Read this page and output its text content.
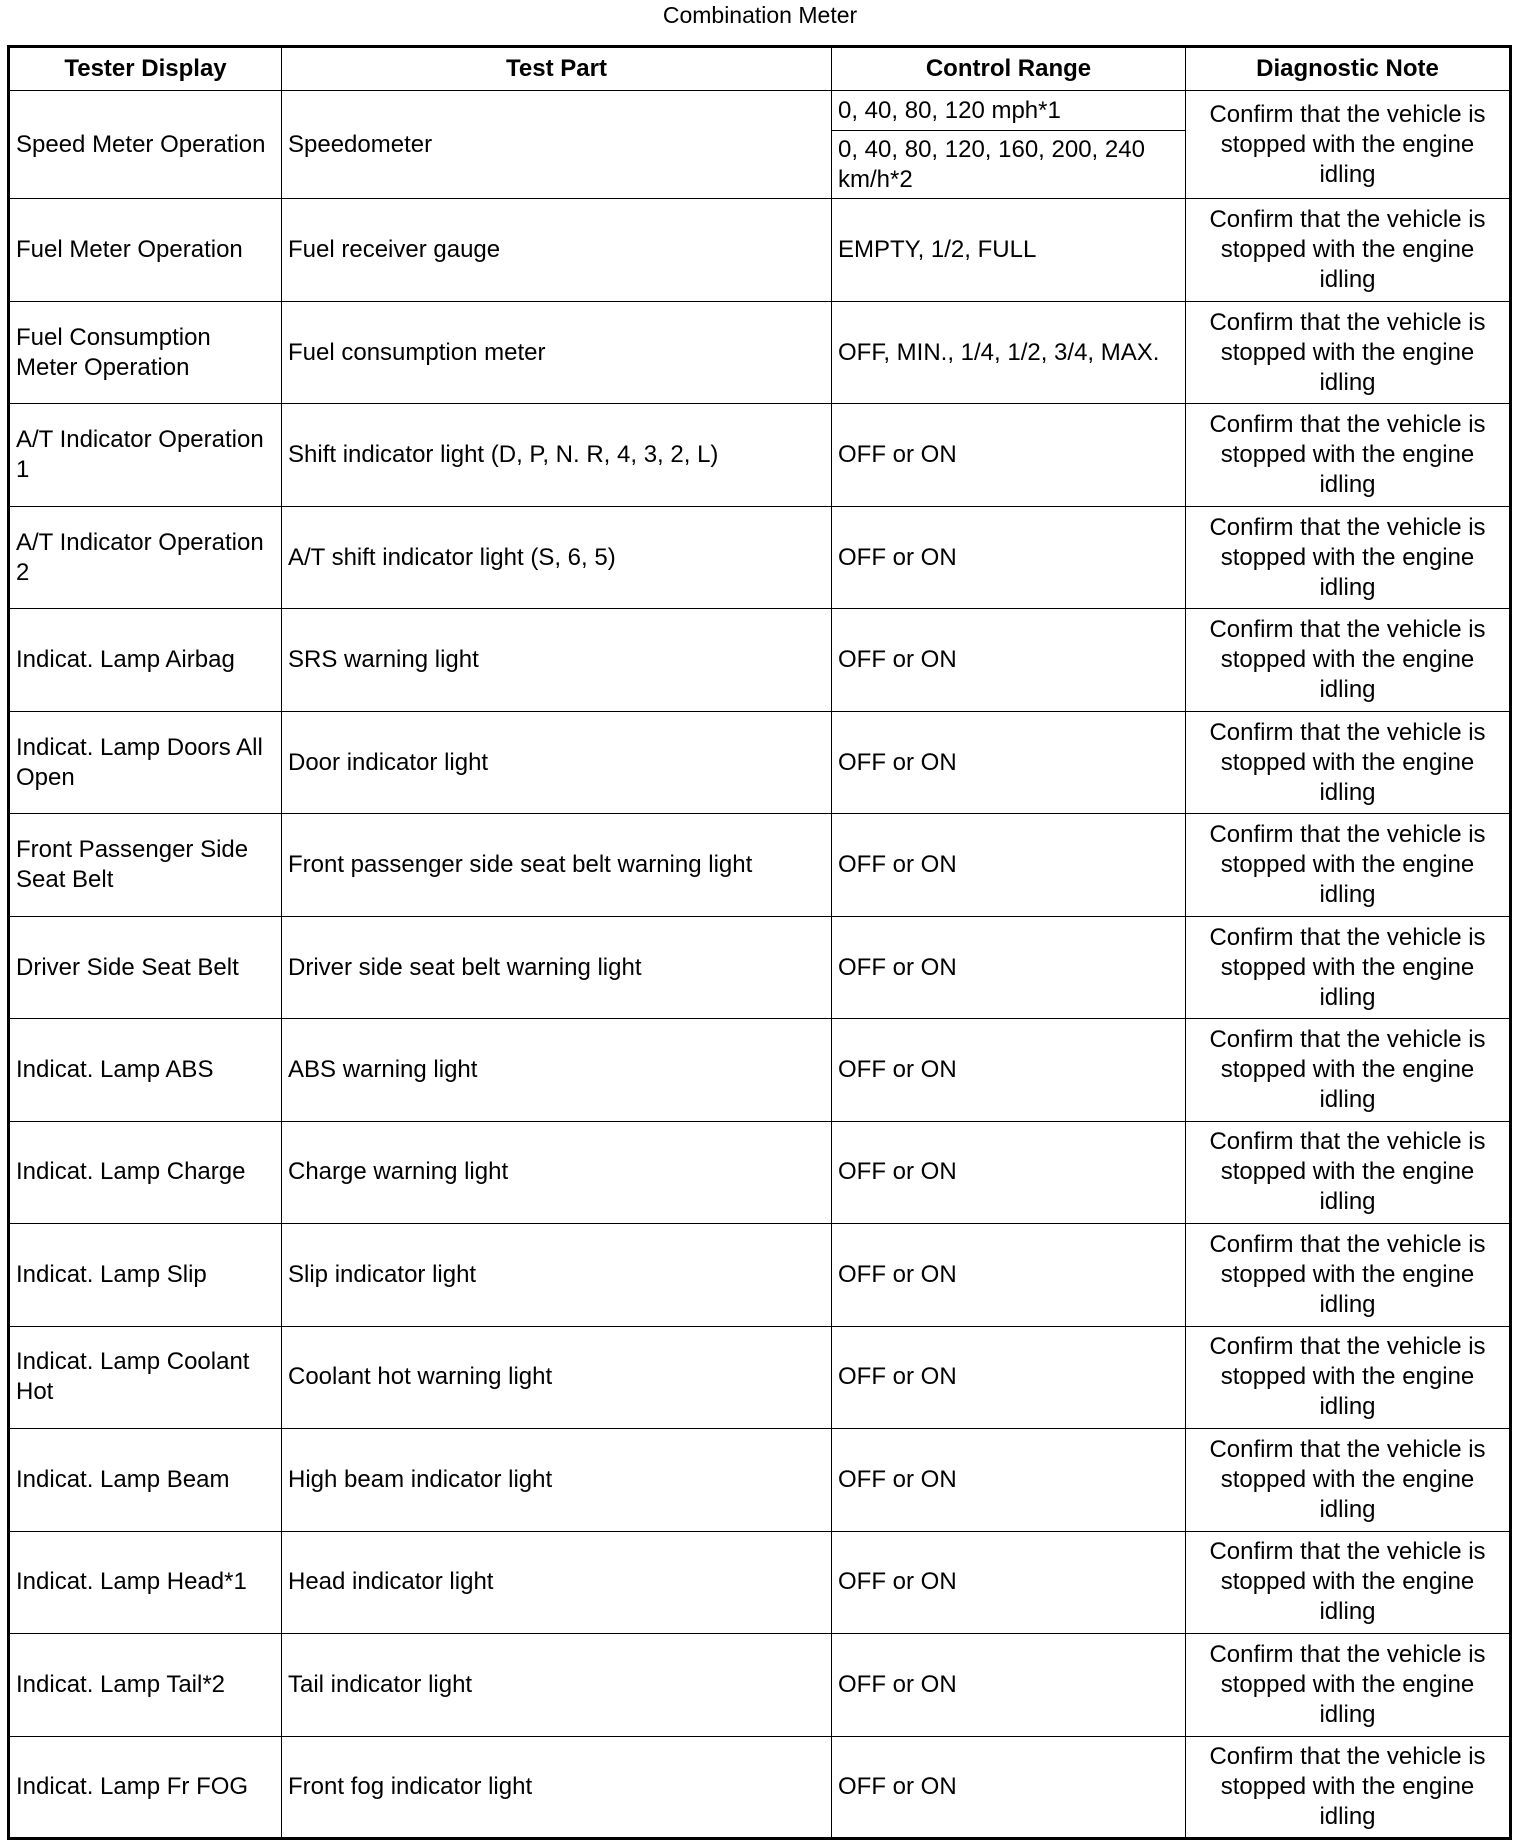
Combination Meter
Tester Display	Test Part	Control Range	Diagnostic Note
Speed Meter Operation	Speedometer	0, 40, 80, 120 mph*1	Confirm that the vehicle is stopped with the engine idling
		0, 40, 80, 120, 160, 200, 240 km/h*2	
Fuel Meter Operation	Fuel receiver gauge	EMPTY, 1/2, FULL	Confirm that the vehicle is stopped with the engine idling
Fuel Consumption Meter Operation	Fuel consumption meter	OFF, MIN., 1/4, 1/2, 3/4, MAX.	Confirm that the vehicle is stopped with the engine idling
A/T Indicator Operation 1	Shift indicator light (D, P, N. R, 4, 3, 2, L)	OFF or ON	Confirm that the vehicle is stopped with the engine idling
A/T Indicator Operation 2	A/T shift indicator light (S, 6, 5)	OFF or ON	Confirm that the vehicle is stopped with the engine idling
Indicat. Lamp Airbag	SRS warning light	OFF or ON	Confirm that the vehicle is stopped with the engine idling
Indicat. Lamp Doors All Open	Door indicator light	OFF or ON	Confirm that the vehicle is stopped with the engine idling
Front Passenger Side Seat Belt	Front passenger side seat belt warning light	OFF or ON	Confirm that the vehicle is stopped with the engine idling
Driver Side Seat Belt	Driver side seat belt warning light	OFF or ON	Confirm that the vehicle is stopped with the engine idling
Indicat. Lamp ABS	ABS warning light	OFF or ON	Confirm that the vehicle is stopped with the engine idling
Indicat. Lamp Charge	Charge warning light	OFF or ON	Confirm that the vehicle is stopped with the engine idling
Indicat. Lamp Slip	Slip indicator light	OFF or ON	Confirm that the vehicle is stopped with the engine idling
Indicat. Lamp Coolant Hot	Coolant hot warning light	OFF or ON	Confirm that the vehicle is stopped with the engine idling
Indicat. Lamp Beam	High beam indicator light	OFF or ON	Confirm that the vehicle is stopped with the engine idling
Indicat. Lamp Head*1	Head indicator light	OFF or ON	Confirm that the vehicle is stopped with the engine idling
Indicat. Lamp Tail*2	Tail indicator light	OFF or ON	Confirm that the vehicle is stopped with the engine idling
Indicat. Lamp Fr FOG	Front fog indicator light	OFF or ON	Confirm that the vehicle is stopped with the engine idling
